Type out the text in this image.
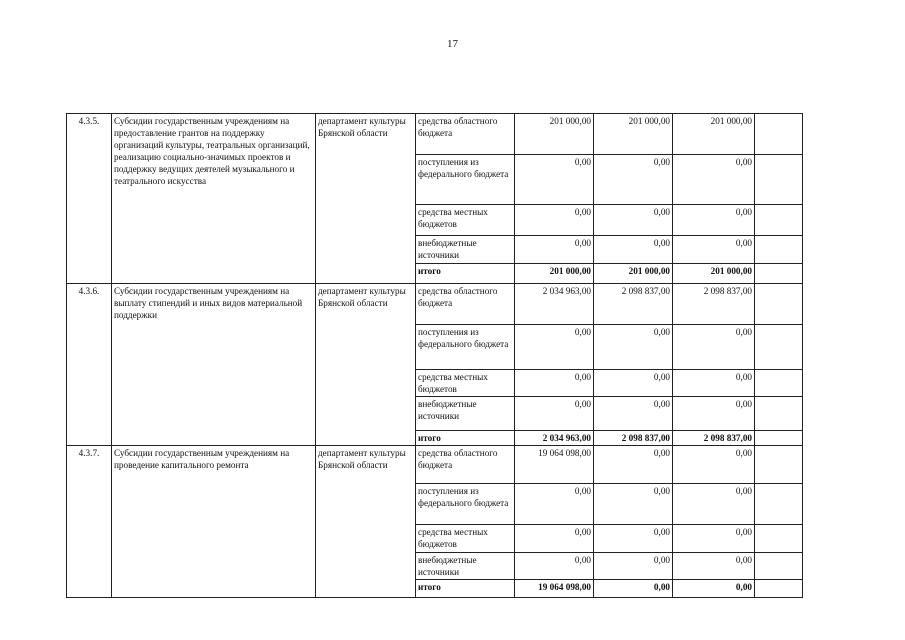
17
4.3.5.	Субсидии государственным учреждениям на предоставление грантов на поддержку организаций культуры, театральных организаций, реализацию социально-значимых проектов и поддержку ведущих деятелей музыкального и театрального искусства	департамент культуры Брянской области	средства областного бюджета	201 000,00	201 000,00	201 000,00	
			поступления из федерального бюджета	0,00	0,00	0,00	
			средства местных бюджетов	0,00	0,00	0,00	
			внебюджетные источники	0,00	0,00	0,00	
			итого	201 000,00	201 000,00	201 000,00	
4.3.6.	Субсидии государственным учреждениям на выплату стипендий и иных видов материальной поддержки	департамент культуры Брянской области	средства областного бюджета	2 034 963,00	2 098 837,00	2 098 837,00	
			поступления из федерального бюджета	0,00	0,00	0,00	
			средства местных бюджетов	0,00	0,00	0,00	
			внебюджетные источники	0,00	0,00	0,00	
			итого	2 034 963,00	2 098 837,00	2 098 837,00	
4.3.7.	Субсидии государственным учреждениям на проведение капитального ремонта	департамент культуры Брянской области	средства областного бюджета	19 064 098,00	0,00	0,00	
			поступления из федерального бюджета	0,00	0,00	0,00	
			средства местных бюджетов	0,00	0,00	0,00	
			внебюджетные источники	0,00	0,00	0,00	
			итого	19 064 098,00	0,00	0,00	
